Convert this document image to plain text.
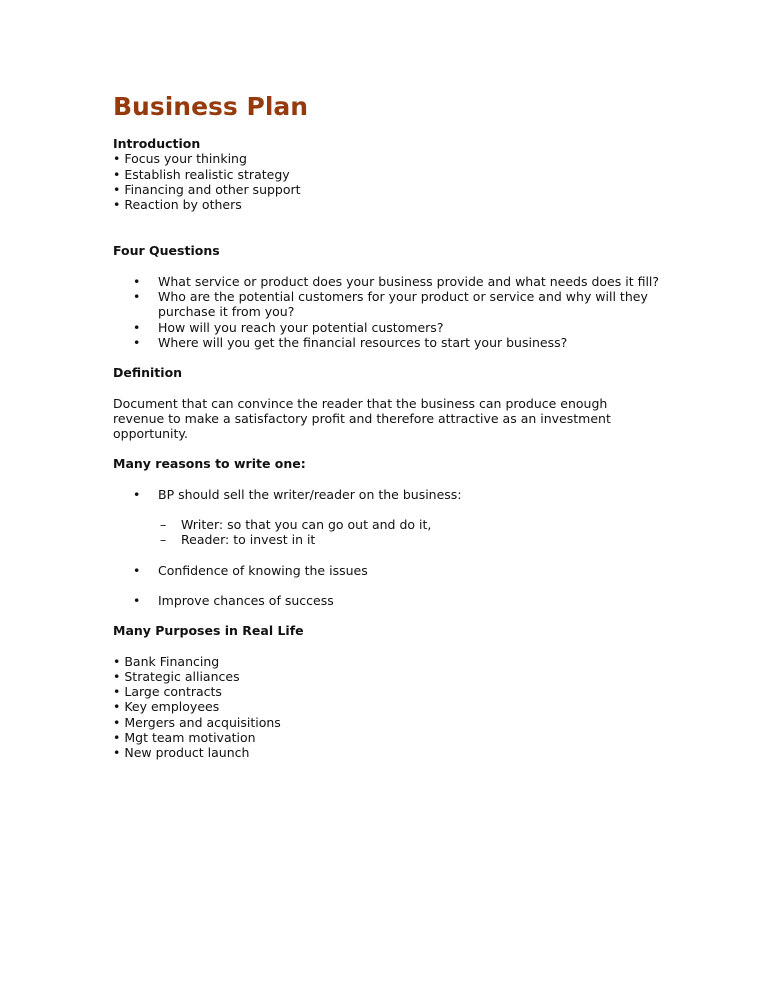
Business Plan

Introduction

• Focus your thinking
• Establish realistic strategy
• Financing and other support
• Reaction by others

Four Questions

• What service or product does your business provide and what needs does it fill?
• Who are the potential customers for your product or service and why will they purchase it from you?
• How will you reach your potential customers?
• Where will you get the financial resources to start your business?

Definition

Document that can convince the reader that the business can produce enough revenue to make a satisfactory profit and therefore attractive as an investment opportunity.

Many reasons to write one:

• BP should sell the writer/reader on the business:
– Writer: so that you can go out and do it,
– Reader: to invest in it
• Confidence of knowing the issues
• Improve chances of success

Many Purposes in Real Life

• Bank Financing
• Strategic alliances
• Large contracts
• Key employees
• Mergers and acquisitions
• Mgt team motivation
• New product launch
